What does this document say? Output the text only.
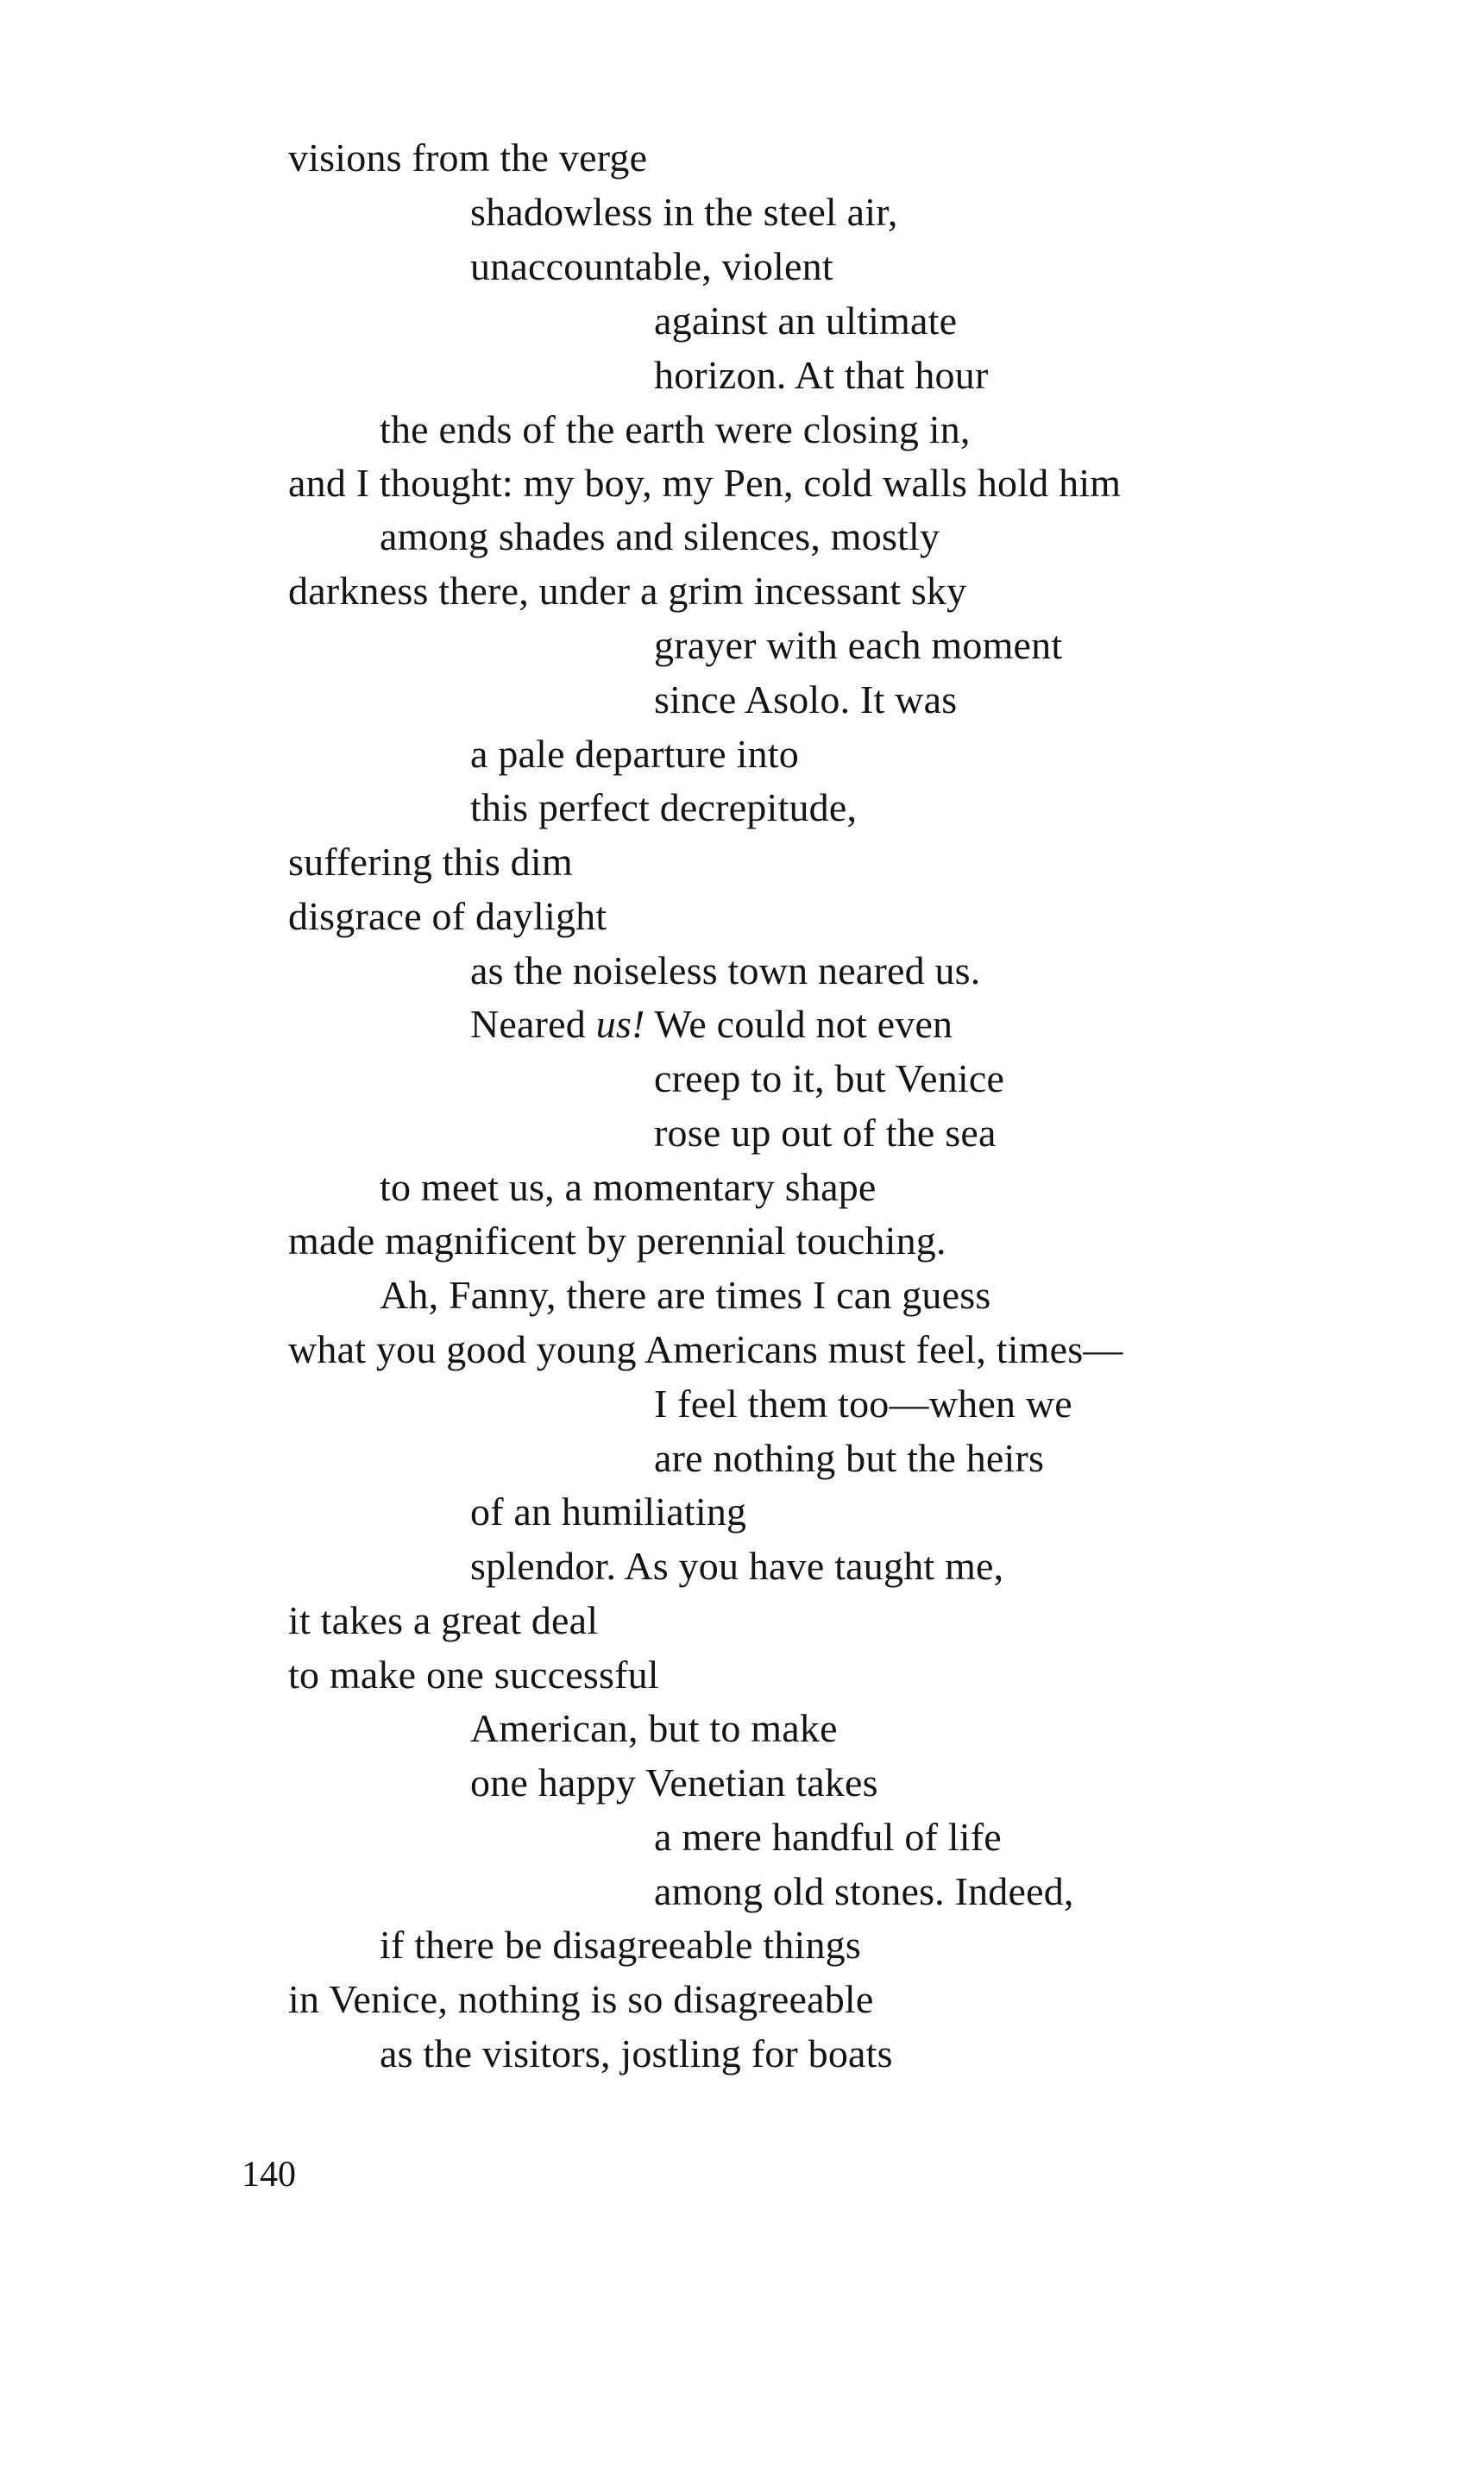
visions from the verge
shadowless in the steel air,
unaccountable, violent
against an ultimate
horizon. At that hour
the ends of the earth were closing in,
and I thought: my boy, my Pen, cold walls hold him
among shades and silences, mostly
darkness there, under a grim incessant sky
grayer with each moment
since Asolo. It was
a pale departure into
this perfect decrepitude,
suffering this dim
disgrace of daylight
as the noiseless town neared us.
Neared us! We could not even
creep to it, but Venice
rose up out of the sea
to meet us, a momentary shape
made magnificent by perennial touching.
Ah, Fanny, there are times I can guess
what you good young Americans must feel, times—
I feel them too—when we
are nothing but the heirs
of an humiliating
splendor. As you have taught me,
it takes a great deal
to make one successful
American, but to make
one happy Venetian takes
a mere handful of life
among old stones. Indeed,
if there be disagreeable things
in Venice, nothing is so disagreeable
as the visitors, jostling for boats
140
